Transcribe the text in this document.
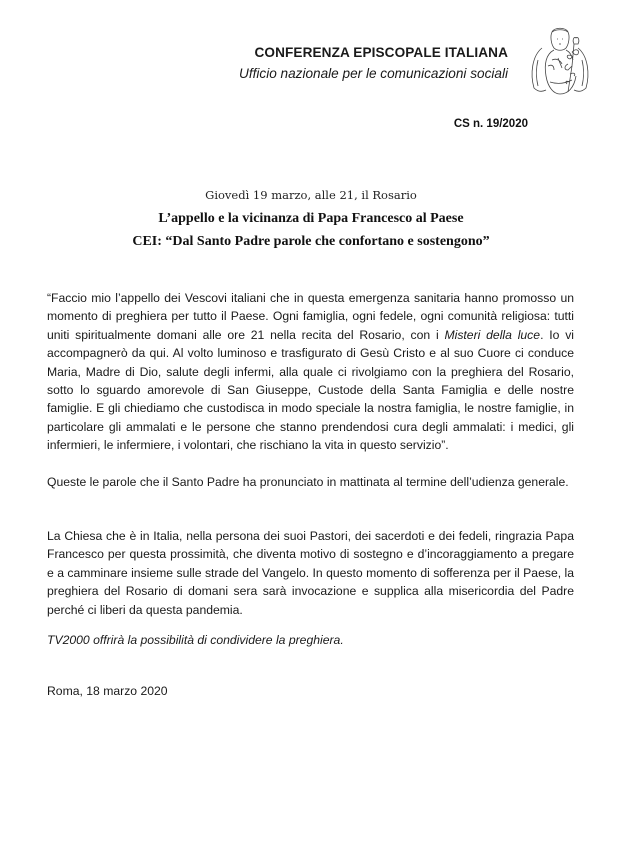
CONFERENZA EPISCOPALE ITALIANA
Ufficio nazionale per le comunicazioni sociali
CS n. 19/2020
Giovedì 19 marzo, alle 21, il Rosario
L’appello e la vicinanza di Papa Francesco al Paese
CEI: “Dal Santo Padre parole che confortano e sostengono”

“Faccio mio l’appello dei Vescovi italiani che in questa emergenza sanitaria hanno promosso un momento di preghiera per tutto il Paese. Ogni famiglia, ogni fedele, ogni comunità religiosa: tutti uniti spiritualmente domani alle ore 21 nella recita del Rosario, con i Misteri della luce. Io vi accompagnerò da qui. Al volto luminoso e trasfigurato di Gesù Cristo e al suo Cuore ci conduce Maria, Madre di Dio, salute degli infermi, alla quale ci rivolgiamo con la preghiera del Rosario, sotto lo sguardo amorevole di San Giuseppe, Custode della Santa Famiglia e delle nostre famiglie. E gli chiediamo che custodisca in modo speciale la nostra famiglia, le nostre famiglie, in particolare gli ammalati e le persone che stanno prendendosi cura degli ammalati: i medici, gli infermieri, le infermiere, i volontari, che rischiano la vita in questo servizio”.

Queste le parole che il Santo Padre ha pronunciato in mattinata al termine dell’udienza generale.

La Chiesa che è in Italia, nella persona dei suoi Pastori, dei sacerdoti e dei fedeli, ringrazia Papa Francesco per questa prossimità, che diventa motivo di sostegno e d’incoraggiamento a pregare e a camminare insieme sulle strade del Vangelo. In questo momento di sofferenza per il Paese, la preghiera del Rosario di domani sera sarà invocazione e supplica alla misericordia del Padre perché ci liberi da questa pandemia.

TV2000 offrirà la possibilità di condividere la preghiera.

Roma, 18 marzo 2020
